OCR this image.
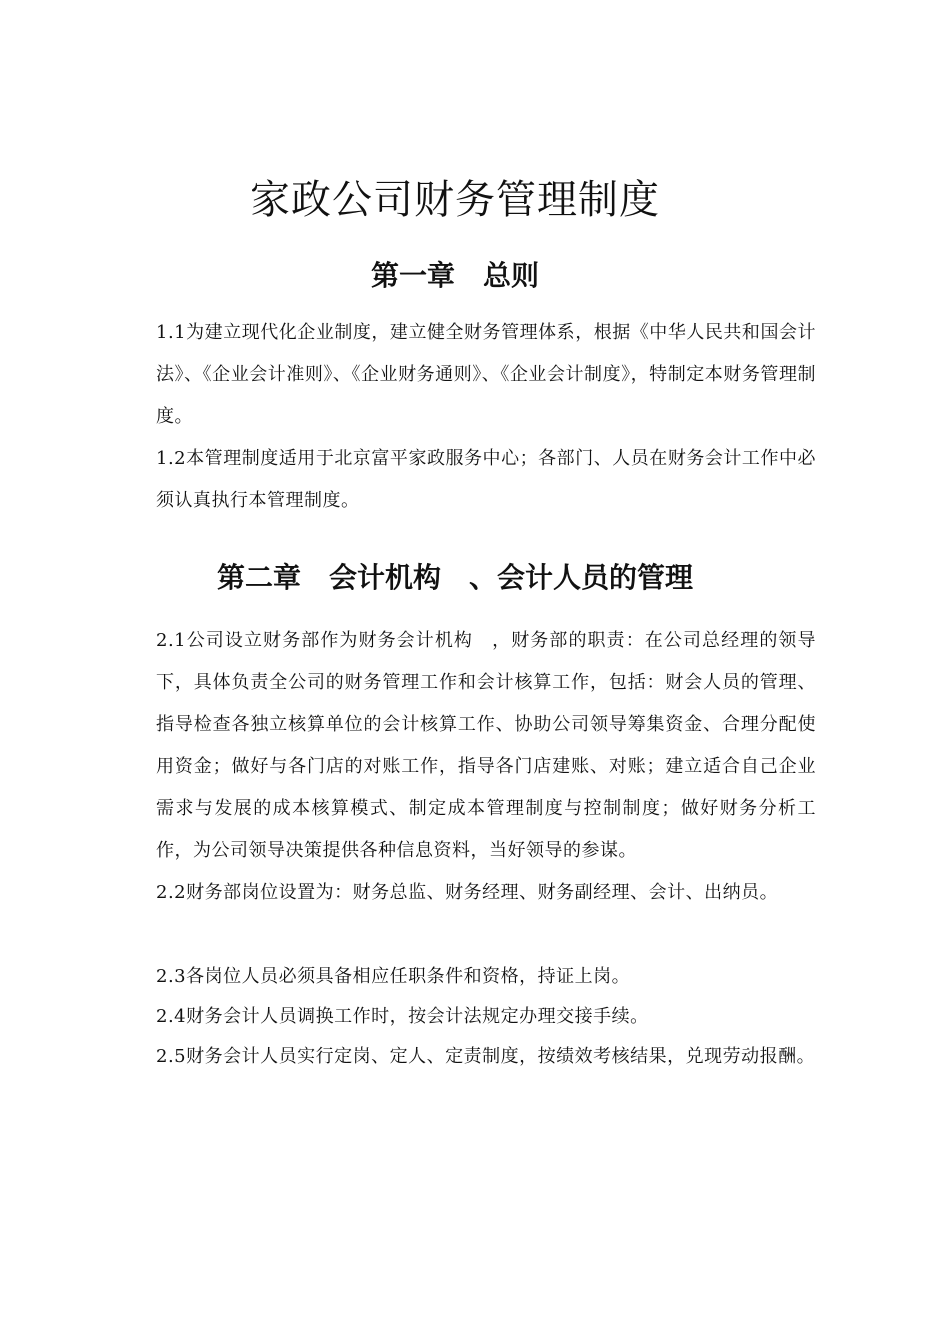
家政公司财务管理制度
第一章　总则

1.1为建立现代化企业制度，建立健全财务管理体系，根据《中华人民共和国会计法》、《企业会计准则》、《企业财务通则》、《企业会计制度》，特制定本财务管理制度。

1.2本管理制度适用于北京富平家政服务中心；各部门、人员在财务会计工作中必须认真执行本管理制度。

第二章　会计机构　、会计人员的管理

2.1公司设立财务部作为财务会计机构　，财务部的职责：在公司总经理的领导下，具体负责全公司的财务管理工作和会计核算工作，包括：财会人员的管理、指导检查各独立核算单位的会计核算工作、协助公司领导筹集资金、合理分配使用资金；做好与各门店的对账工作，指导各门店建账、对账；建立适合自己企业需求与发展的成本核算模式、制定成本管理制度与控制制度；做好财务分析工作，为公司领导决策提供各种信息资料，当好领导的参谋。

2.2财务部岗位设置为：财务总监、财务经理、财务副经理、会计、出纳员。

2.3各岗位人员必须具备相应任职条件和资格，持证上岗。

2.4财务会计人员调换工作时，按会计法规定办理交接手续。

2.5财务会计人员实行定岗、定人、定责制度，按绩效考核结果，兑现劳动报酬。
